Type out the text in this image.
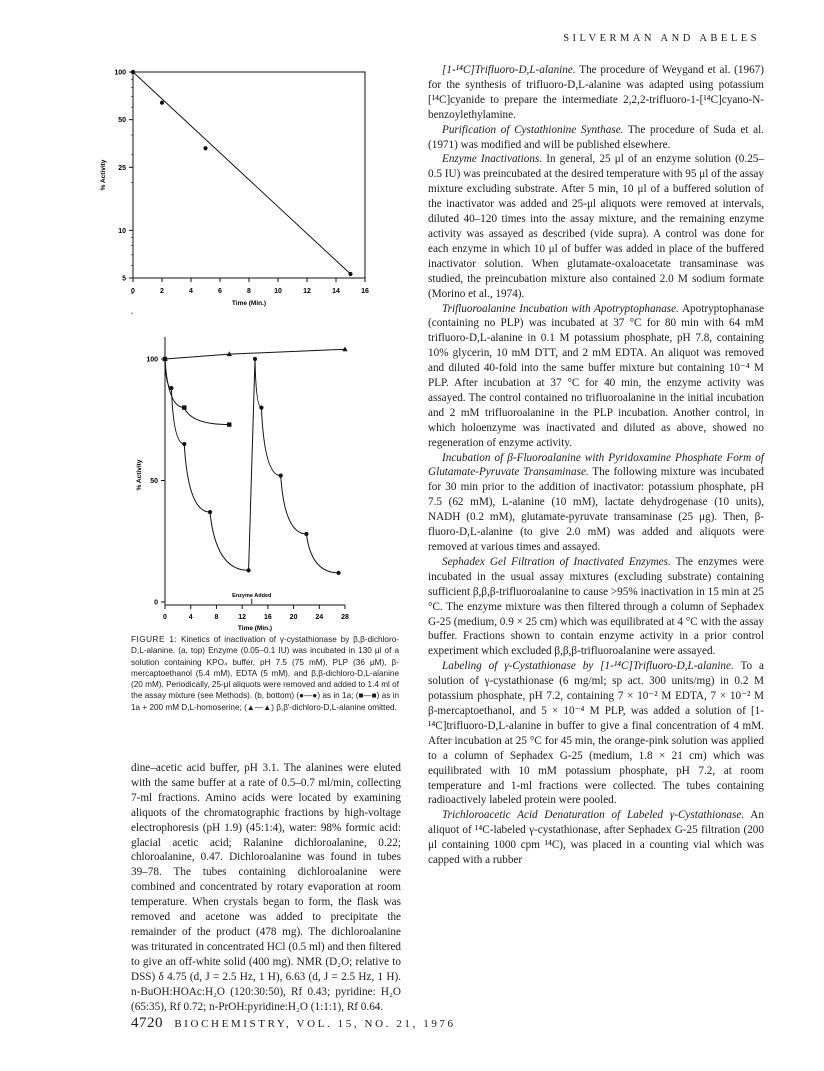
SILVERMAN AND ABELES
0	2	4	6	8	10	12	14	16
100
50
25
10
5
Time (Min.)
% Activity

0	4	8	12	16	20	24	28
100
50
0
Time (Min.)
% Activity
Enzyme Added
FIGURE 1: Kinetics of inactivation of γ-cystathionase by β,β-dichloro-D,L-alanine. (a, top) Enzyme (0.05–0.1 IU) was incubated in 130 μl of a solution containing KPO₄ buffer, pH 7.5 (75 mM), PLP (36 μM), β-mercaptoethanol (5.4 mM), EDTA (5 mM), and β,β-dichloro-D,L-alanine (20 mM). Periodically, 25-μl aliquots were removed and added to 1.4 ml of the assay mixture (see Methods). (b, bottom) (●—●) as in 1a; (■—■) as in 1a + 200 mM D,L-homoserine; (▲—▲) β,β′-dichloro-D,L-alanine omitted.

dine–acetic acid buffer, pH 3.1. The alanines were eluted with the same buffer at a rate of 0.5–0.7 ml/min, collecting 7-ml fractions. Amino acids were located by examining aliquots of the chromatographic fractions by high-voltage electrophoresis (pH 1.9) (45:1:4), water: 98% formic acid: glacial acetic acid; Ralanine dichloroalanine, 0.22; chloroalanine, 0.47. Dichloroalanine was found in tubes 39–78. The tubes containing dichloroalanine were combined and concentrated by rotary evaporation at room temperature. When crystals began to form, the flask was removed and acetone was added to precipitate the remainder of the product (478 mg). The dichloroalanine was triturated in concentrated HCl (0.5 ml) and then filtered to give an off-white solid (400 mg). NMR (D₂O; relative to DSS) δ 4.75 (d, J = 2.5 Hz, 1 H), 6.63 (d, J = 2.5 Hz, 1 H). n-BuOH:HOAc:H₂O (120:30:50), Rf 0.43; pyridine: H₂O (65:35), Rf 0.72; n-PrOH:pyridine:H₂O (1:1:1), Rf 0.64.

[1-¹⁴C]Trifluoro-D,L-alanine. The procedure of Weygand et al. (1967) for the synthesis of trifluoro-D,L-alanine was adapted using potassium [¹⁴C]cyanide to prepare the intermediate 2,2,2-trifluoro-1-[¹⁴C]cyano-N-benzoylethylamine.

Purification of Cystathionine Synthase. The procedure of Suda et al. (1971) was modified and will be published elsewhere.

Enzyme Inactivations. In general, 25 μl of an enzyme solution (0.25–0.5 IU) was preincubated at the desired temperature with 95 μl of the assay mixture excluding substrate. After 5 min, 10 μl of a buffered solution of the inactivator was added and 25-μl aliquots were removed at intervals, diluted 40–120 times into the assay mixture, and the remaining enzyme activity was assayed as described (vide supra). A control was done for each enzyme in which 10 μl of buffer was added in place of the buffered inactivator solution. When glutamate-oxaloacetate transaminase was studied, the preincubation mixture also contained 2.0 M sodium formate (Morino et al., 1974).

Trifluoroalanine Incubation with Apotryptophanase. Apotryptophanase (containing no PLP) was incubated at 37 °C for 80 min with 64 mM trifluoro-D,L-alanine in 0.1 M potassium phosphate, pH 7.8, containing 10% glycerin, 10 mM DTT, and 2 mM EDTA. An aliquot was removed and diluted 40-fold into the same buffer mixture but containing 10⁻⁴ M PLP. After incubation at 37 °C for 40 min, the enzyme activity was assayed. The control contained no trifluoroalanine in the initial incubation and 2 mM trifluoroalanine in the PLP incubation. Another control, in which holoenzyme was inactivated and diluted as above, showed no regeneration of enzyme activity.

Incubation of β-Fluoroalanine with Pyridoxamine Phosphate Form of Glutamate-Pyruvate Transaminase. The following mixture was incubated for 30 min prior to the addition of inactivator: potassium phosphate, pH 7.5 (62 mM), L-alanine (10 mM), lactate dehydrogenase (10 units), NADH (0.2 mM), glutamate-pyruvate transaminase (25 μg). Then, β-fluoro-D,L-alanine (to give 2.0 mM) was added and aliquots were removed at various times and assayed.

Sephadex Gel Filtration of Inactivated Enzymes. The enzymes were incubated in the usual assay mixtures (excluding substrate) containing sufficient β,β,β-trifluoroalanine to cause >95% inactivation in 15 min at 25 °C. The enzyme mixture was then filtered through a column of Sephadex G-25 (medium, 0.9 × 25 cm) which was equilibrated at 4 °C with the assay buffer. Fractions shown to contain enzyme activity in a prior control experiment which excluded β,β,β-trifluoroalanine were assayed.

Labeling of γ-Cystathionase by [1-¹⁴C]Trifluoro-D,L-alanine. To a solution of γ-cystathionase (6 mg/ml; sp act. 300 units/mg) in 0.2 M potassium phosphate, pH 7.2, containing 7 × 10⁻² M EDTA, 7 × 10⁻² M β-mercaptoethanol, and 5 × 10⁻⁴ M PLP, was added a solution of [1-¹⁴C]trifluoro-D,L-alanine in buffer to give a final concentration of 4 mM. After incubation at 25 °C for 45 min, the orange-pink solution was applied to a column of Sephadex G-25 (medium, 1.8 × 21 cm) which was equilibrated with 10 mM potassium phosphate, pH 7.2, at room temperature and 1-ml fractions were collected. The tubes containing radioactively labeled protein were pooled.

Trichloroacetic Acid Denaturation of Labeled γ-Cystathionase. An aliquot of ¹⁴C-labeled γ-cystathionase, after Sephadex G-25 filtration (200 μl containing 1000 cpm ¹⁴C), was placed in a counting vial which was capped with a rubber

4720 BIOCHEMISTRY, VOL. 15, NO. 21, 1976
